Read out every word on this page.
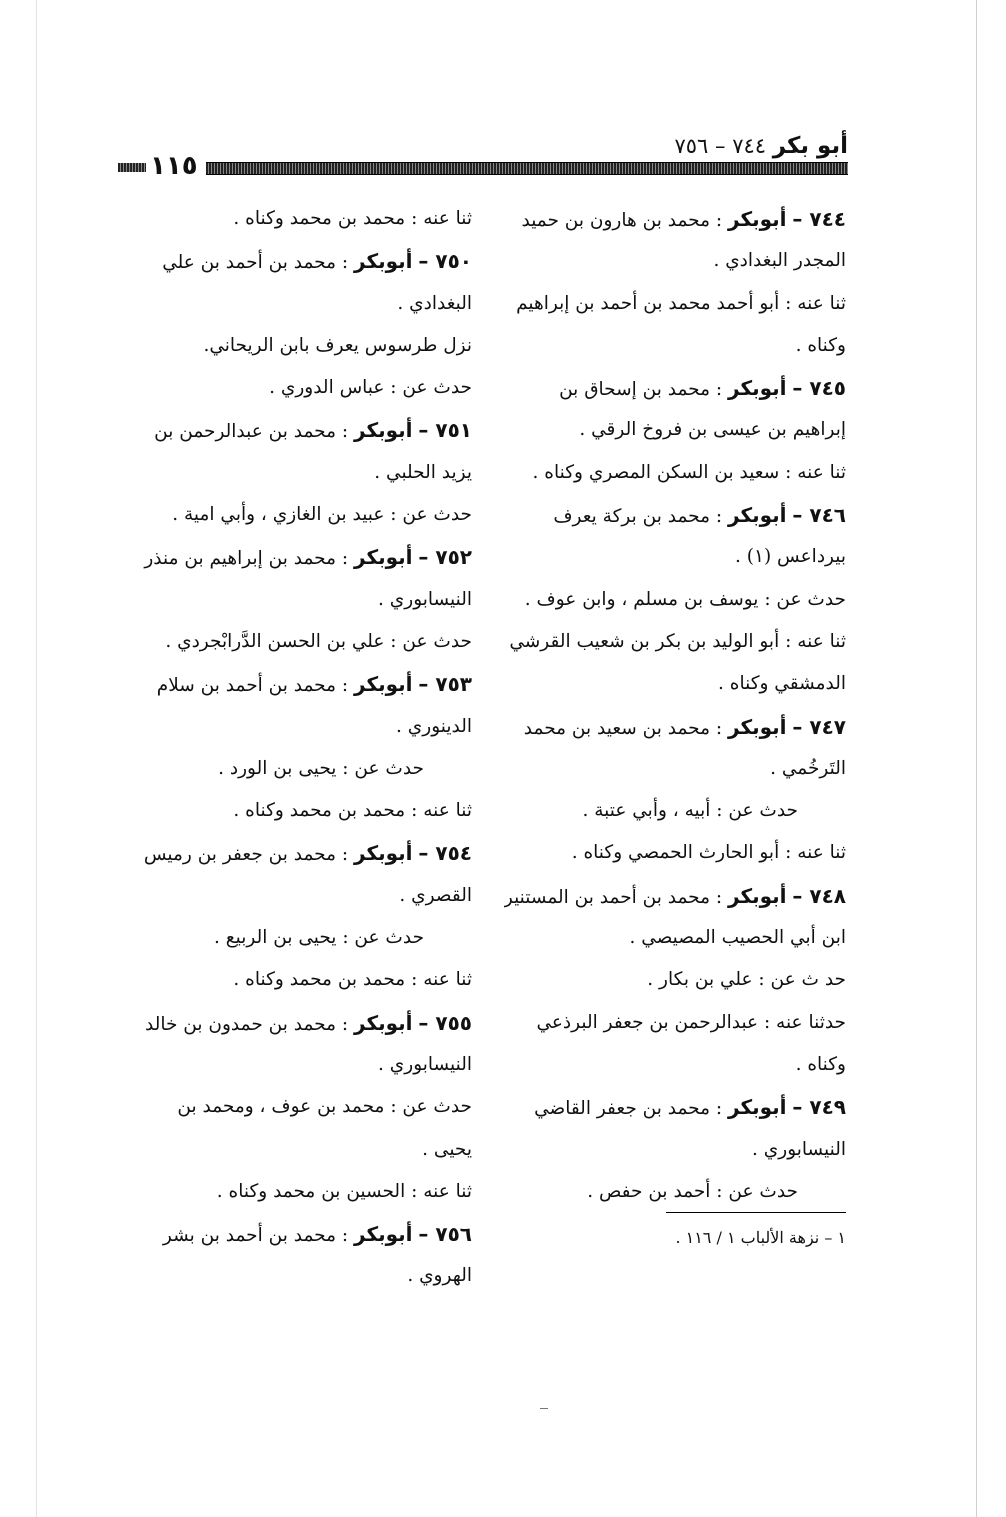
أبو بكر ٧٤٤ – ٧٥٦
١١٥
٧٤٤ – أبوبكر : محمد بن هارون بن حميد
المجدر البغدادي .
ثنا عنه : أبو أحمد محمد بن أحمد بن إبراهيم
وكناه .
٧٤٥ – أبوبكر : محمد بن إسحاق بن
إبراهيم بن عيسى بن فروخ الرقي .
ثنا عنه : سعيد بن السكن المصري وكناه .
٧٤٦ – أبوبكر : محمد بن بركة يعرف
بيرداعس (١) .
حدث عن : يوسف بن مسلم ، وابن عوف .
ثنا عنه : أبو الوليد بن بكر بن شعيب القرشي
الدمشقي وكناه .
٧٤٧ – أبوبكر : محمد بن سعيد بن محمد
التَرخُمي .
حدث عن : أبيه ، وأبي عتبة .
ثنا عنه : أبو الحارث الحمصي وكناه .
٧٤٨ – أبوبكر : محمد بن أحمد بن المستنير
ابن أبي الحصيب المصيصي .
حد ث عن : علي بن بكار .
حدثنا عنه : عبدالرحمن بن جعفر البرذعي
وكناه .
٧٤٩ – أبوبكر : محمد بن جعفر القاضي
النيسابوري .
حدث عن : أحمد بن حفص .
ثنا عنه : محمد بن محمد وكناه .
٧٥٠ – أبوبكر : محمد بن أحمد بن علي
البغدادي .
نزل طرسوس يعرف بابن الريحاني.
حدث عن : عباس الدوري .
٧٥١ – أبوبكر : محمد بن عبدالرحمن بن
يزيد الحلبي .
حدث عن : عبيد بن الغازي ، وأبي امية .
٧٥٢ – أبوبكر : محمد بن إبراهيم بن منذر
النيسابوري .
حدث عن : علي بن الحسن الدَّرابْجردي .
٧٥٣ – أبوبكر : محمد بن أحمد بن سلام
الدينوري .
حدث عن : يحيى بن الورد .
ثنا عنه : محمد بن محمد وكناه .
٧٥٤ – أبوبكر : محمد بن جعفر بن رميس
القصري .
حدث عن : يحيى بن الربيع .
ثنا عنه : محمد بن محمد وكناه .
٧٥٥ – أبوبكر : محمد بن حمدون بن خالد
النيسابوري .
حدث عن : محمد بن عوف ، ومحمد بن
يحيى .
ثنا عنه : الحسين بن محمد وكناه .
٧٥٦ – أبوبكر : محمد بن أحمد بن بشر
الهروي .
١ – نزهة الألباب ١ / ١١٦ .
